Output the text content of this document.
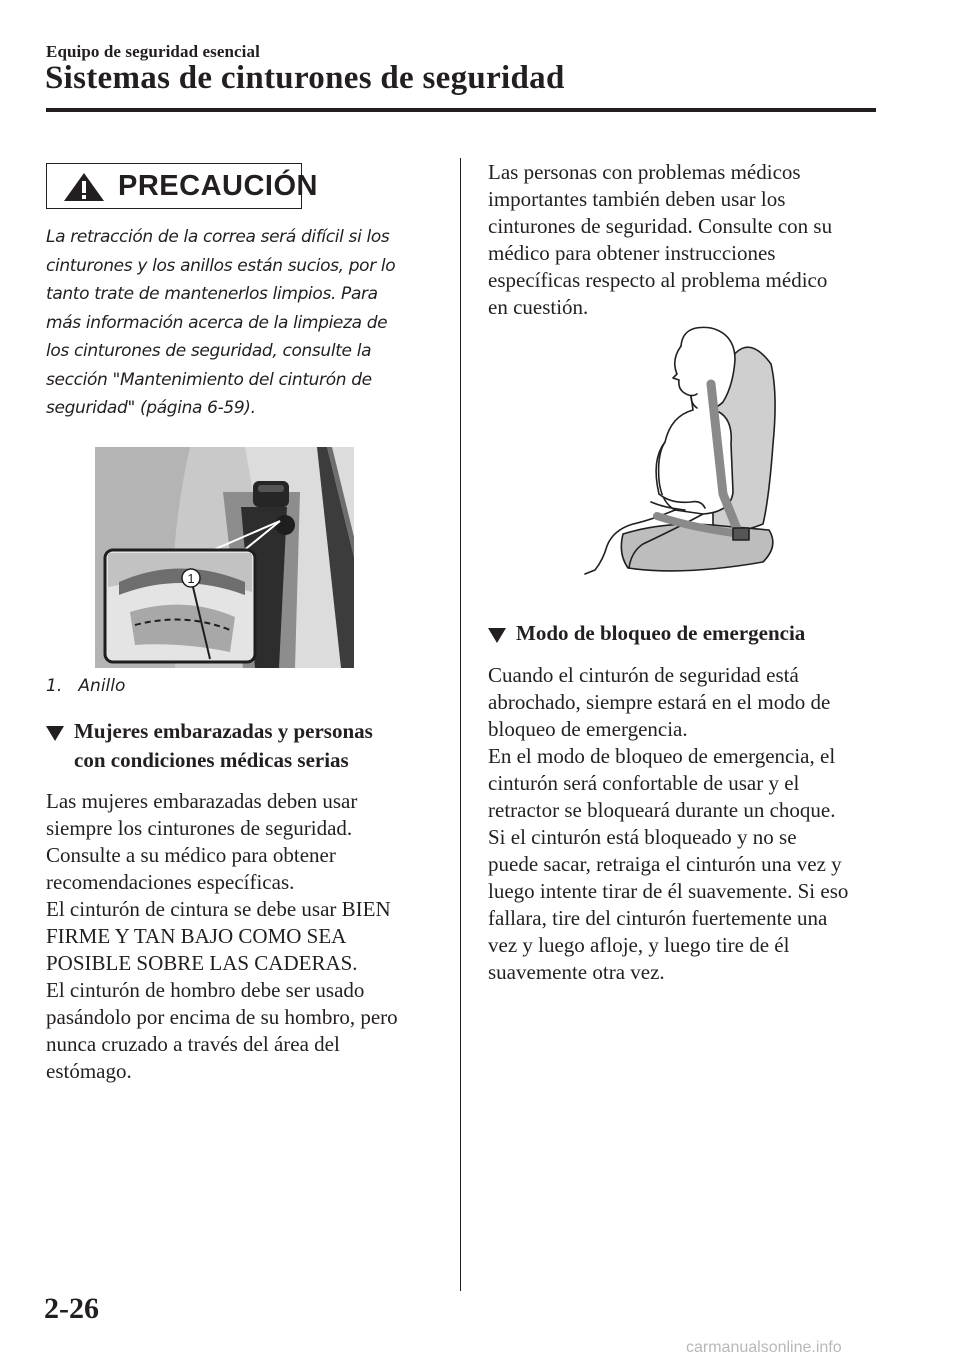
Equipo de seguridad esencial
Sistemas de cinturones de seguridad
PRECAUCIÓN
La retracción de la correa será difícil si los
cinturones y los anillos están sucios, por lo
tanto trate de mantenerlos limpios. Para
más información acerca de la limpieza de
los cinturones de seguridad, consulte la
sección "Mantenimiento del cinturón de
seguridad" (página 6-59).
1
1.   Anillo
Mujeres embarazadas y personas
con condiciones médicas serias
Las mujeres embarazadas deben usar
siempre los cinturones de seguridad.
Consulte a su médico para obtener
recomendaciones específicas.
El cinturón de cintura se debe usar BIEN
FIRME Y TAN BAJO COMO SEA
POSIBLE SOBRE LAS CADERAS.
El cinturón de hombro debe ser usado
pasándolo por encima de su hombro, pero
nunca cruzado a través del área del
estómago.
Las personas con problemas médicos
importantes también deben usar los
cinturones de seguridad. Consulte con su
médico para obtener instrucciones
específicas respecto al problema médico
en cuestión.
Modo de bloqueo de emergencia
Cuando el cinturón de seguridad está
abrochado, siempre estará en el modo de
bloqueo de emergencia.
En el modo de bloqueo de emergencia, el
cinturón será confortable de usar y el
retractor se bloqueará durante un choque.
Si el cinturón está bloqueado y no se
puede sacar, retraiga el cinturón una vez y
luego intente tirar de él suavemente. Si eso
fallara, tire del cinturón fuertemente una
vez y luego afloje, y luego tire de él
suavemente otra vez.
2-26
carmanualsonline.info
